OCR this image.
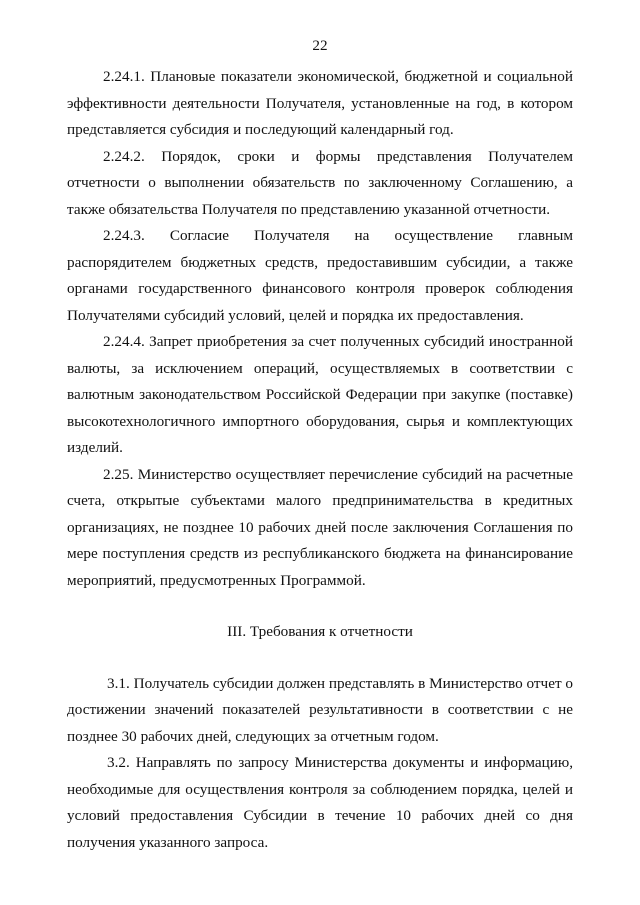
22

2.24.1. Плановые показатели экономической, бюджетной и социальной эффективности деятельности Получателя, установленные на год, в котором представляется субсидия и последующий календарный год.

2.24.2. Порядок, сроки и формы представления Получателем отчетности о выполнении обязательств по заключенному Соглашению, а также обязательства Получателя по представлению указанной отчетности.

2.24.3. Согласие Получателя на осуществление главным распорядителем бюджетных средств, предоставившим субсидии, а также органами государственного финансового контроля проверок соблюдения Получателями субсидий условий, целей и порядка их предоставления.

2.24.4. Запрет приобретения за счет полученных субсидий иностранной валюты, за исключением операций, осуществляемых в соответствии с валютным законодательством Российской Федерации при закупке (поставке) высокотехнологичного импортного оборудования, сырья и комплектующих изделий.

2.25. Министерство осуществляет перечисление субсидий на расчетные счета, открытые субъектами малого предпринимательства в кредитных организациях, не позднее 10 рабочих дней после заключения Соглашения по мере поступления средств из республиканского бюджета на финансирование мероприятий, предусмотренных Программой.

III. Требования к отчетности

3.1. Получатель субсидии должен представлять в Министерство отчет о достижении значений показателей результативности в соответствии с не позднее 30 рабочих дней, следующих за отчетным годом.

3.2. Направлять по запросу Министерства документы и информацию, необходимые для осуществления контроля за соблюдением порядка, целей и условий предоставления Субсидии в течение 10 рабочих дней со дня получения указанного запроса.
